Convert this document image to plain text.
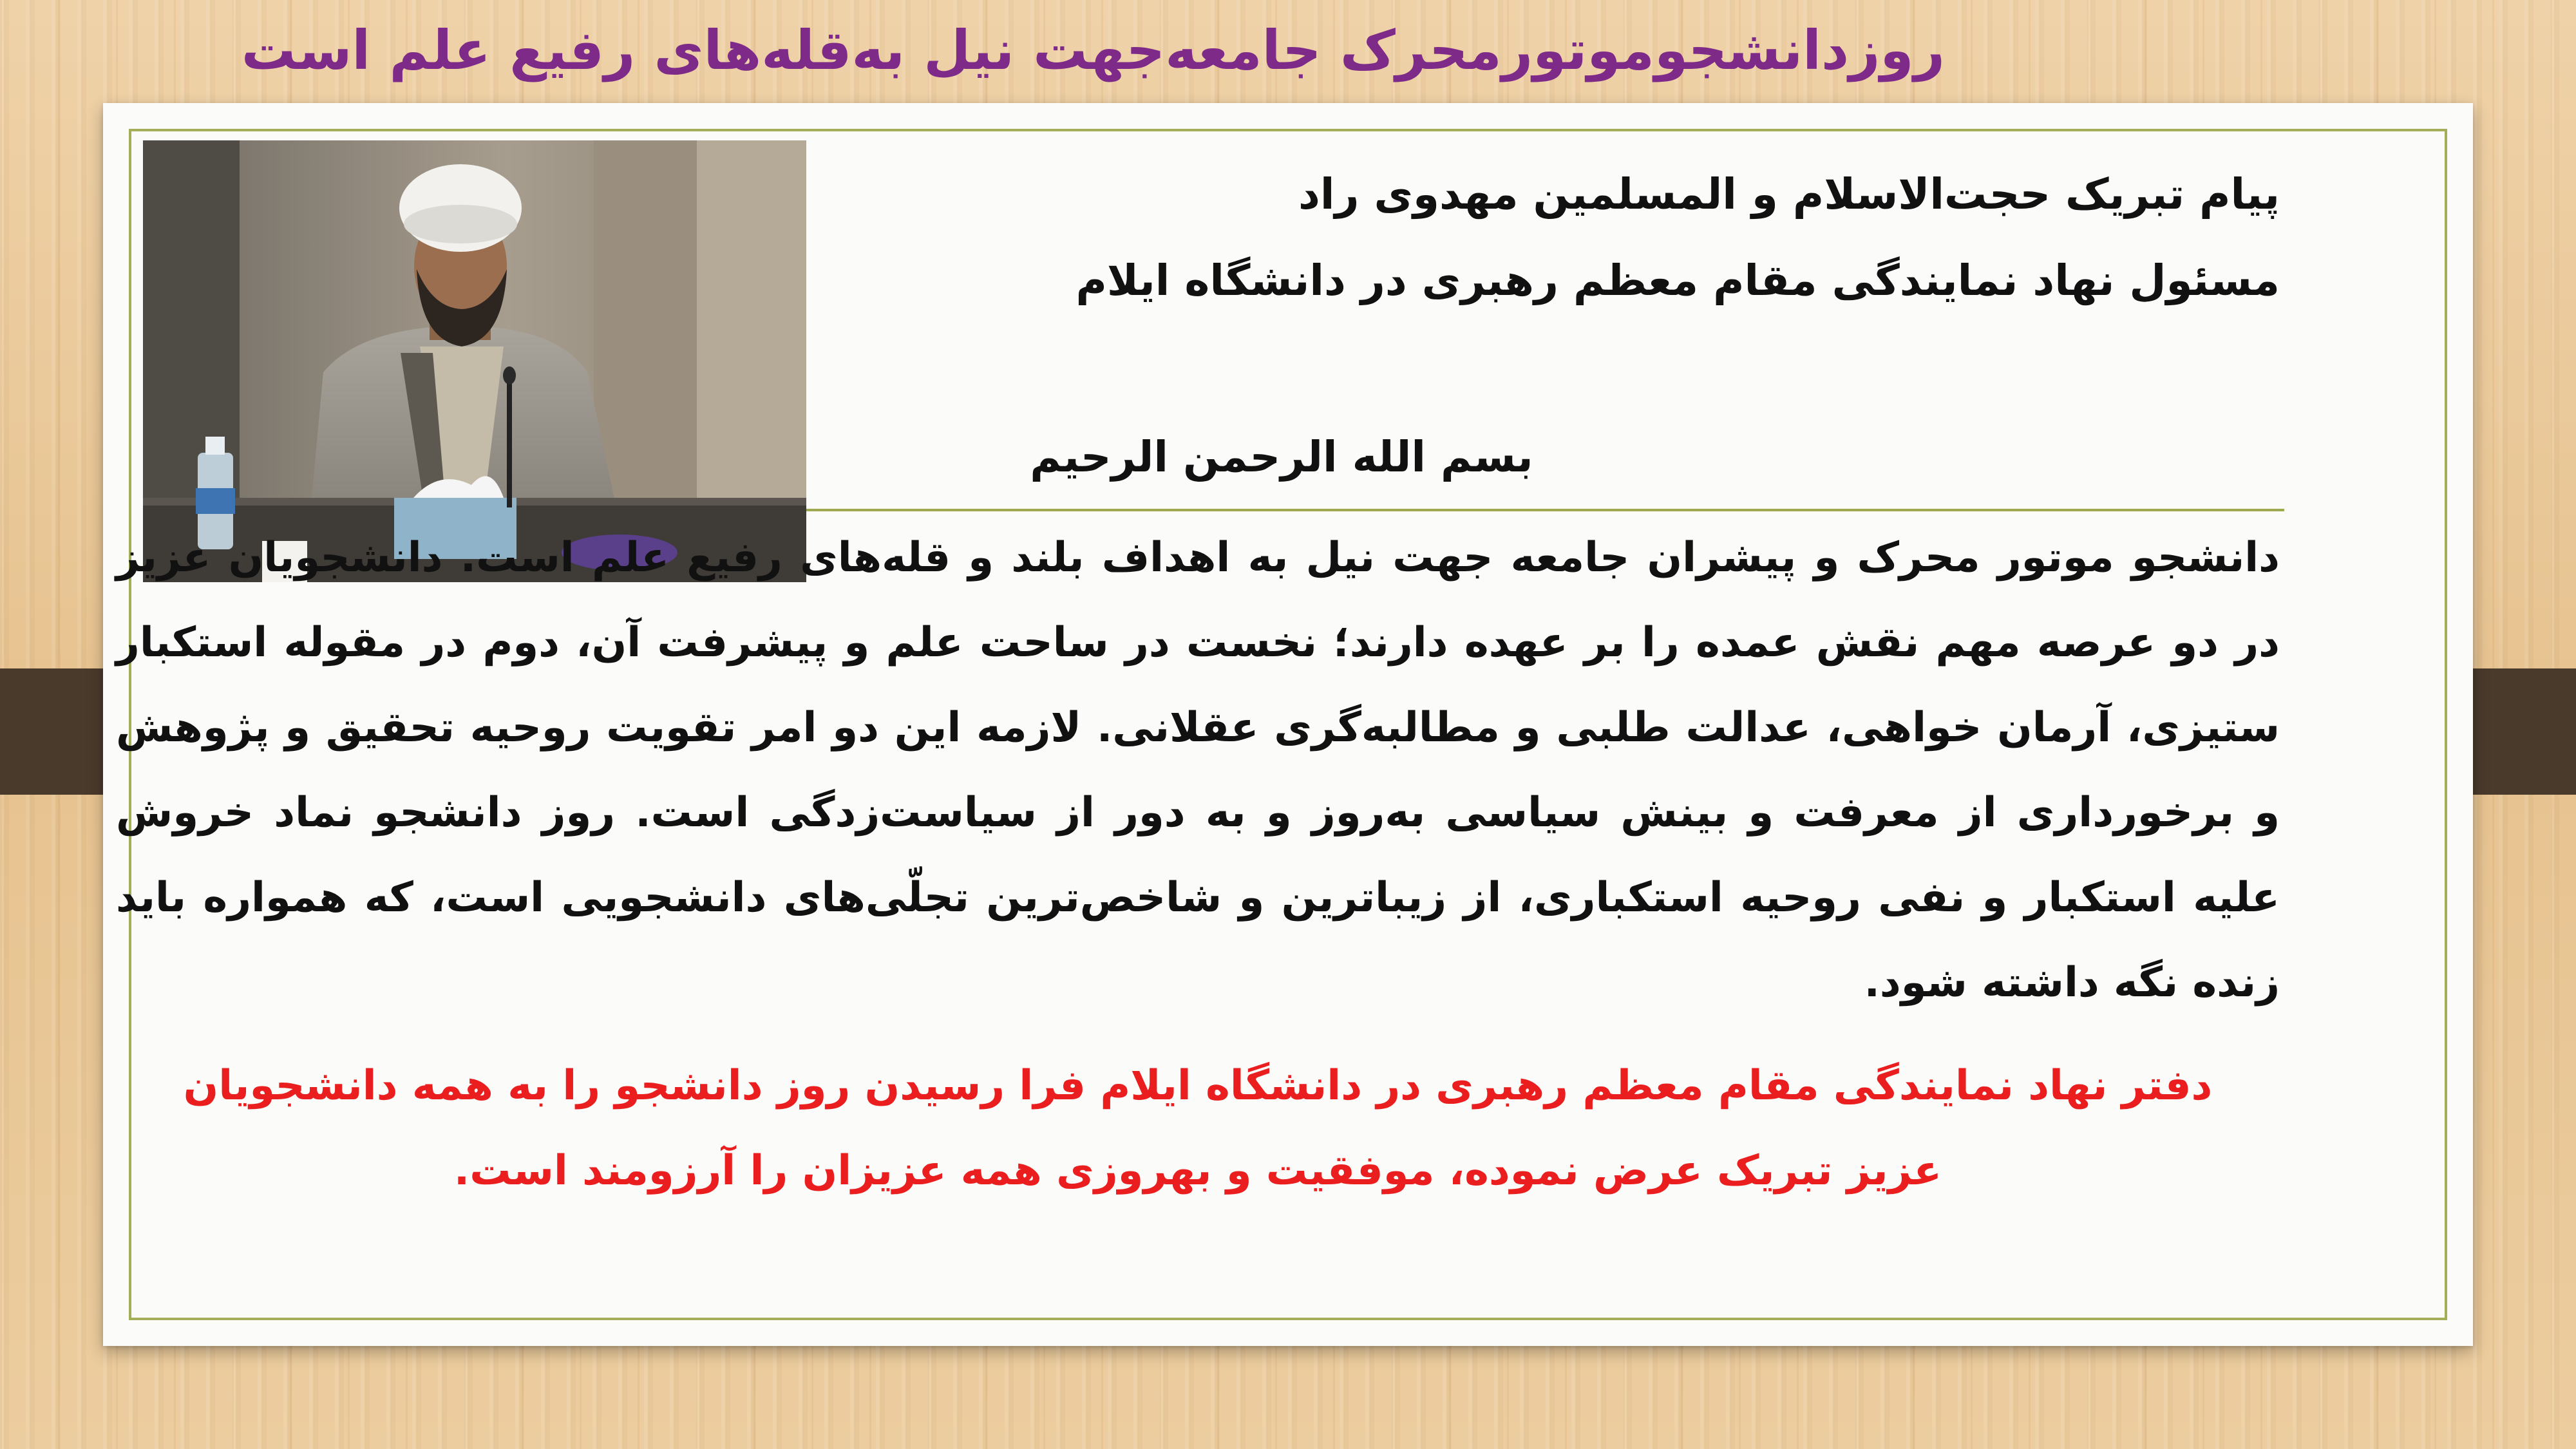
روزدانشجوموتورمحرک جامعه‌جهت نیل به‌قله‌های رفیع علم است
پیام تبریک حجت‌الاسلام و المسلمین مهدوی راد
مسئول نهاد نمایندگی مقام معظم رهبری در دانشگاه ایلام
بسم الله الرحمن الرحیم
دانشجو موتور محرک و پیشران جامعه جهت نیل به اهداف بلند و قله‌های رفیع علم است. دانشجویان عزیز در دو عرصه مهم نقش عمده را بر عهده دارند؛ نخست در ساحت علم و پیشرفت آن، دوم در مقوله استکبار ستیزی، آرمان خواهی، عدالت طلبی و مطالبه‌گری عقلانی. لازمه این دو امر تقویت روحیه تحقیق و پژوهش و برخورداری از معرفت و بینش سیاسی به‌روز و به دور از سیاست‌زدگی است. روز دانشجو نماد خروش علیه استکبار و نفی روحیه استکباری، از زیباترین و شاخص‌ترین تجلّی‌های دانشجویی است، که همواره باید زنده نگه داشته شود.
دفتر نهاد نمایندگی مقام معظم رهبری در دانشگاه ایلام فرا رسیدن روز دانشجو را به همه دانشجویان عزیز تبریک عرض نموده، موفقیت و بهروزی همه عزیزان را آرزومند است.
